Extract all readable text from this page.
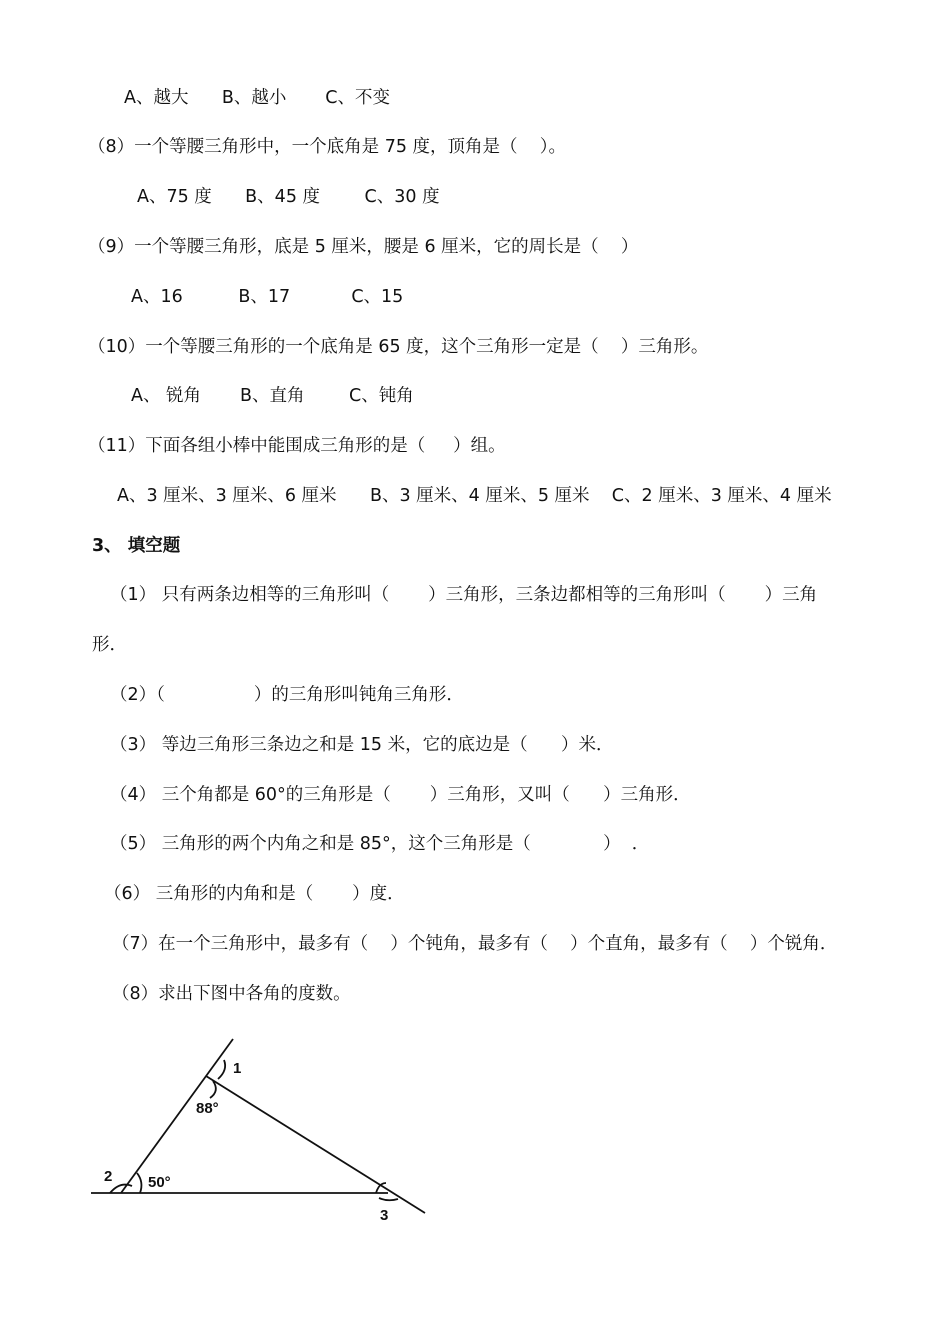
A、越大      B、越小       C、不变
（8）一个等腰三角形中，一个底角是 75 度，顶角是（    ）。
A、75 度      B、45 度        C、30 度
（9）一个等腰三角形，底是 5 厘米，腰是 6 厘米，它的周长是（    ）
A、16          B、17           C、15
（10）一个等腰三角形的一个底角是 65 度，这个三角形一定是（    ）三角形。
A、 锐角       B、直角        C、钝角
（11）下面各组小棒中能围成三角形的是（     ）组。
A、3 厘米、3 厘米、6 厘米      B、3 厘米、4 厘米、5 厘米    C、2 厘米、3 厘米、4 厘米
3、 填空题
（1） 只有两条边相等的三角形叫（       ）三角形，三条边都相等的三角形叫（       ）三角
形．
（2）（                ）的三角形叫钝角三角形．
（3） 等边三角形三条边之和是 15 米，它的底边是（      ）米．
（4） 三个角都是 60°的三角形是（       ）三角形，又叫（      ）三角形．
（5） 三角形的两个内角之和是 85°，这个三角形是（             ）  ．
（6） 三角形的内角和是（       ）度．
（7）在一个三角形中，最多有（    ）个钝角，最多有（    ）个直角，最多有（    ）个锐角．
（8）求出下图中各角的度数。
1
88°
2 50°
3
